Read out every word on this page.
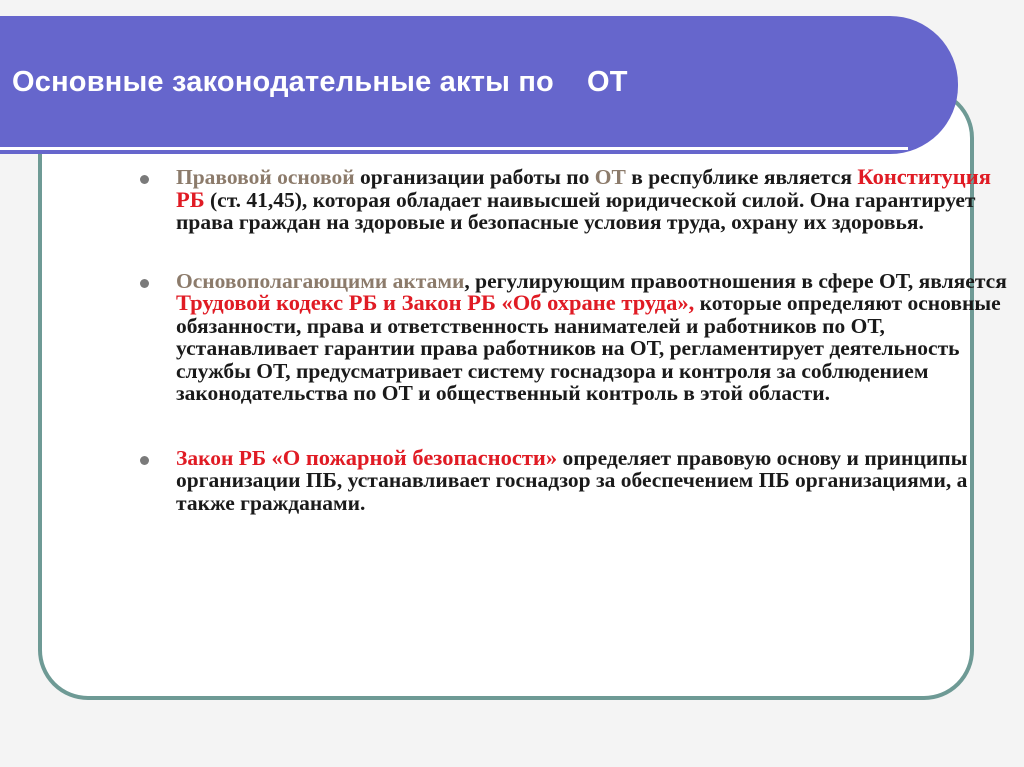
Основные законодательные акты по    ОТ
Правовой основой организации работы по ОТ в республике является Конституция РБ (ст. 41,45), которая обладает наивысшей юридической силой. Она гарантирует права граждан на здоровые и безопасные условия труда, охрану их здоровья.
Основополагающими актами, регулирующим правоотношения в сфере ОТ, является Трудовой кодекс РБ и Закон РБ «Об охране труда», которые определяют основные обязанности, права и ответственность нанимателей и работников по ОТ, устанавливает гарантии права работников на ОТ, регламентирует деятельность службы ОТ, предусматривает систему госнадзора и контроля за соблюдением законодательства по ОТ и общественный контроль в этой области.
Закон РБ «О пожарной безопасности» определяет правовую основу и принципы организации ПБ, устанавливает госнадзор за обеспечением ПБ организациями, а также гражданами.
